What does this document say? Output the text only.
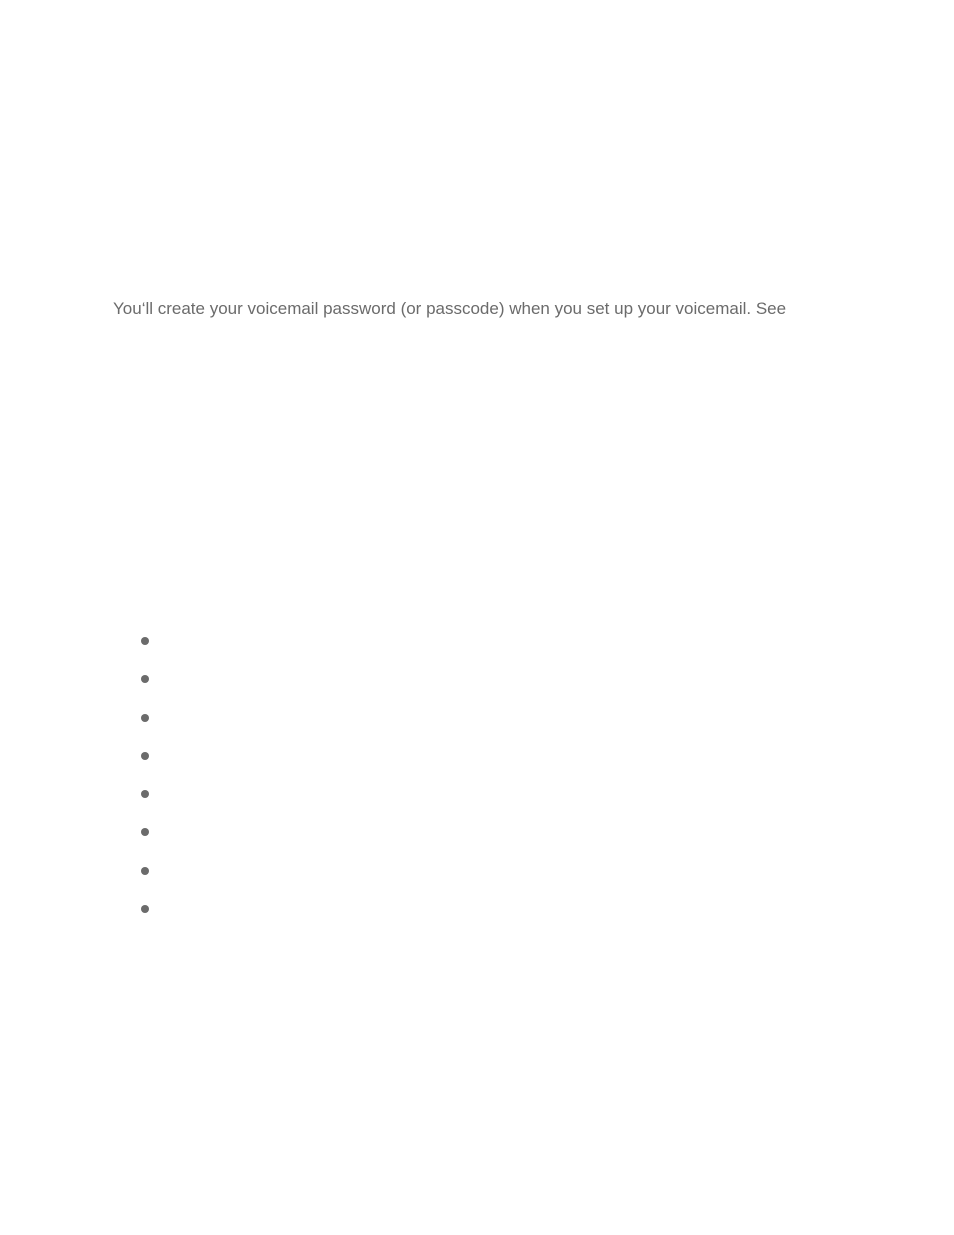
You‘ll create your voicemail password (or passcode) when you set up your voicemail. See
